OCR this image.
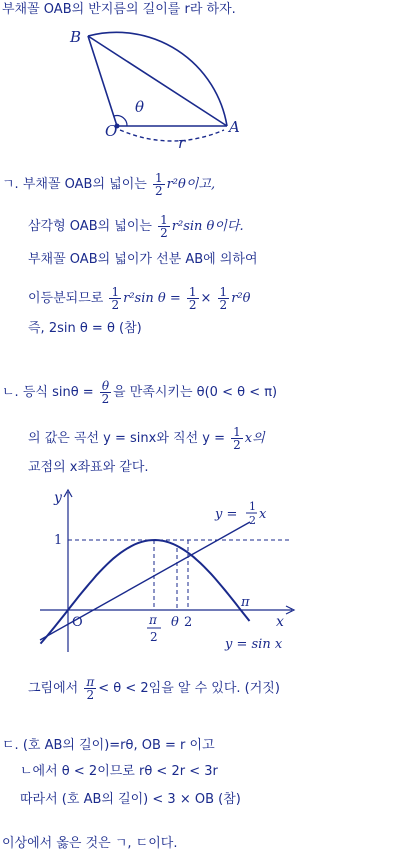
부채꼴 OAB의 반지름의 길이를 r라 하자.
B
O	A
θ
r
ㄱ. 부채꼴 OAB의 넓이는 $\frac{1}{2} r^2\theta$이고,
삼각형 OAB의 넓이는 $\frac{1}{2} r^2\sin$ θ이다.
부채꼴 OAB의 넓이가 선분 AB에 의하여
이등분되므로 $\frac{1}{2} r^2\sin$ $\theta = \frac{1}{2} \times \frac{1}{2} r^2\theta$
즉, 2sin θ = θ (참)
ㄴ. 등식 $\sin\theta = \frac{\theta}{2}$ 을 만족시키는 θ(0 < θ < π)
의 값은 곡선 y = sinx와 직선 $y = \frac{1}{2}$ x의
교점의 x좌표와 같다.
y
x
O
1
π
2
θ 2
π
y =
1
2 x
y = sin x
그림에서 $\frac{\pi}{2} < \theta < 2$임을 알 수 있다. (거짓)
ㄷ. (호 AB의 길이)=rθ, OB = r 이고
ㄴ에서 θ < 2이므로 rθ < 2r < 3r
따라서 (호 AB의 길이) < 3 × OB (참)
이상에서 옳은 것은 ㄱ, ㄷ이다.
